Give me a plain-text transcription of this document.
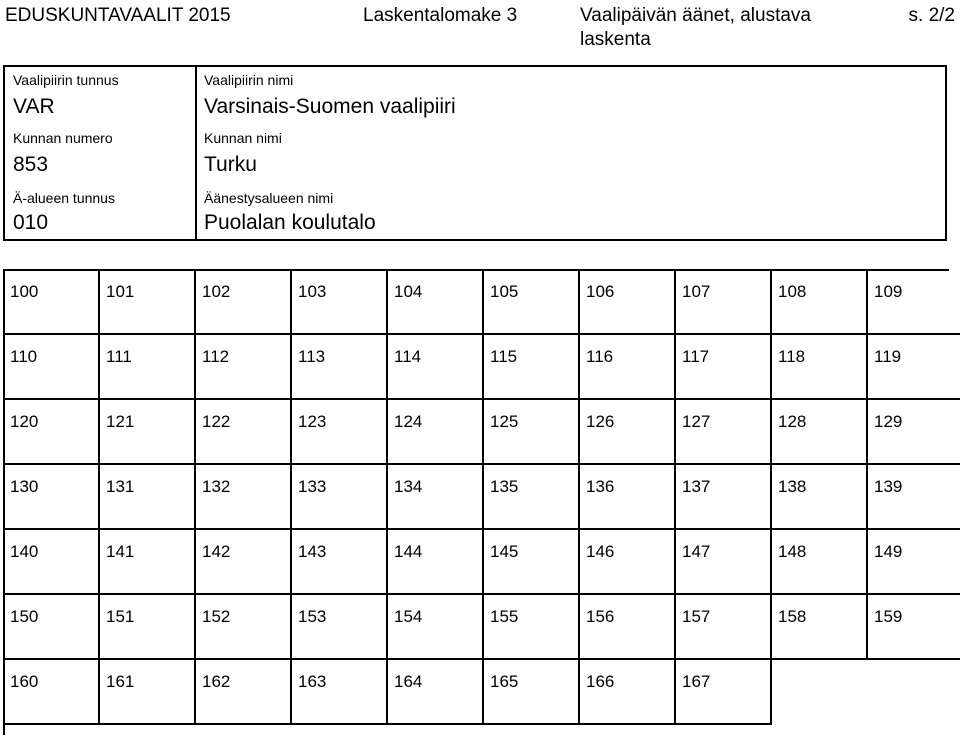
EDUSKUNTAVAALIT 2015	Laskentalomake 3	Vaalipäivän äänet, alustava laskenta
s. 2/2
Vaalipiirin tunnus
VAR
Vaalipiirin nimi
Varsinais-Suomen vaalipiiri
Kunnan numero
853
Kunnan nimi
Turku
Ä-alueen tunnus
010
Äänestysalueen nimi
Puolalan koulutalo
100	101	102	103	104	105	106	107	108	109
110	111	112	113	114	115	116	117	118	119
120	121	122	123	124	125	126	127	128	129
130	131	132	133	134	135	136	137	138	139
140	141	142	143	144	145	146	147	148	149
150	151	152	153	154	155	156	157	158	159
160	161	162	163	164	165	166	167
